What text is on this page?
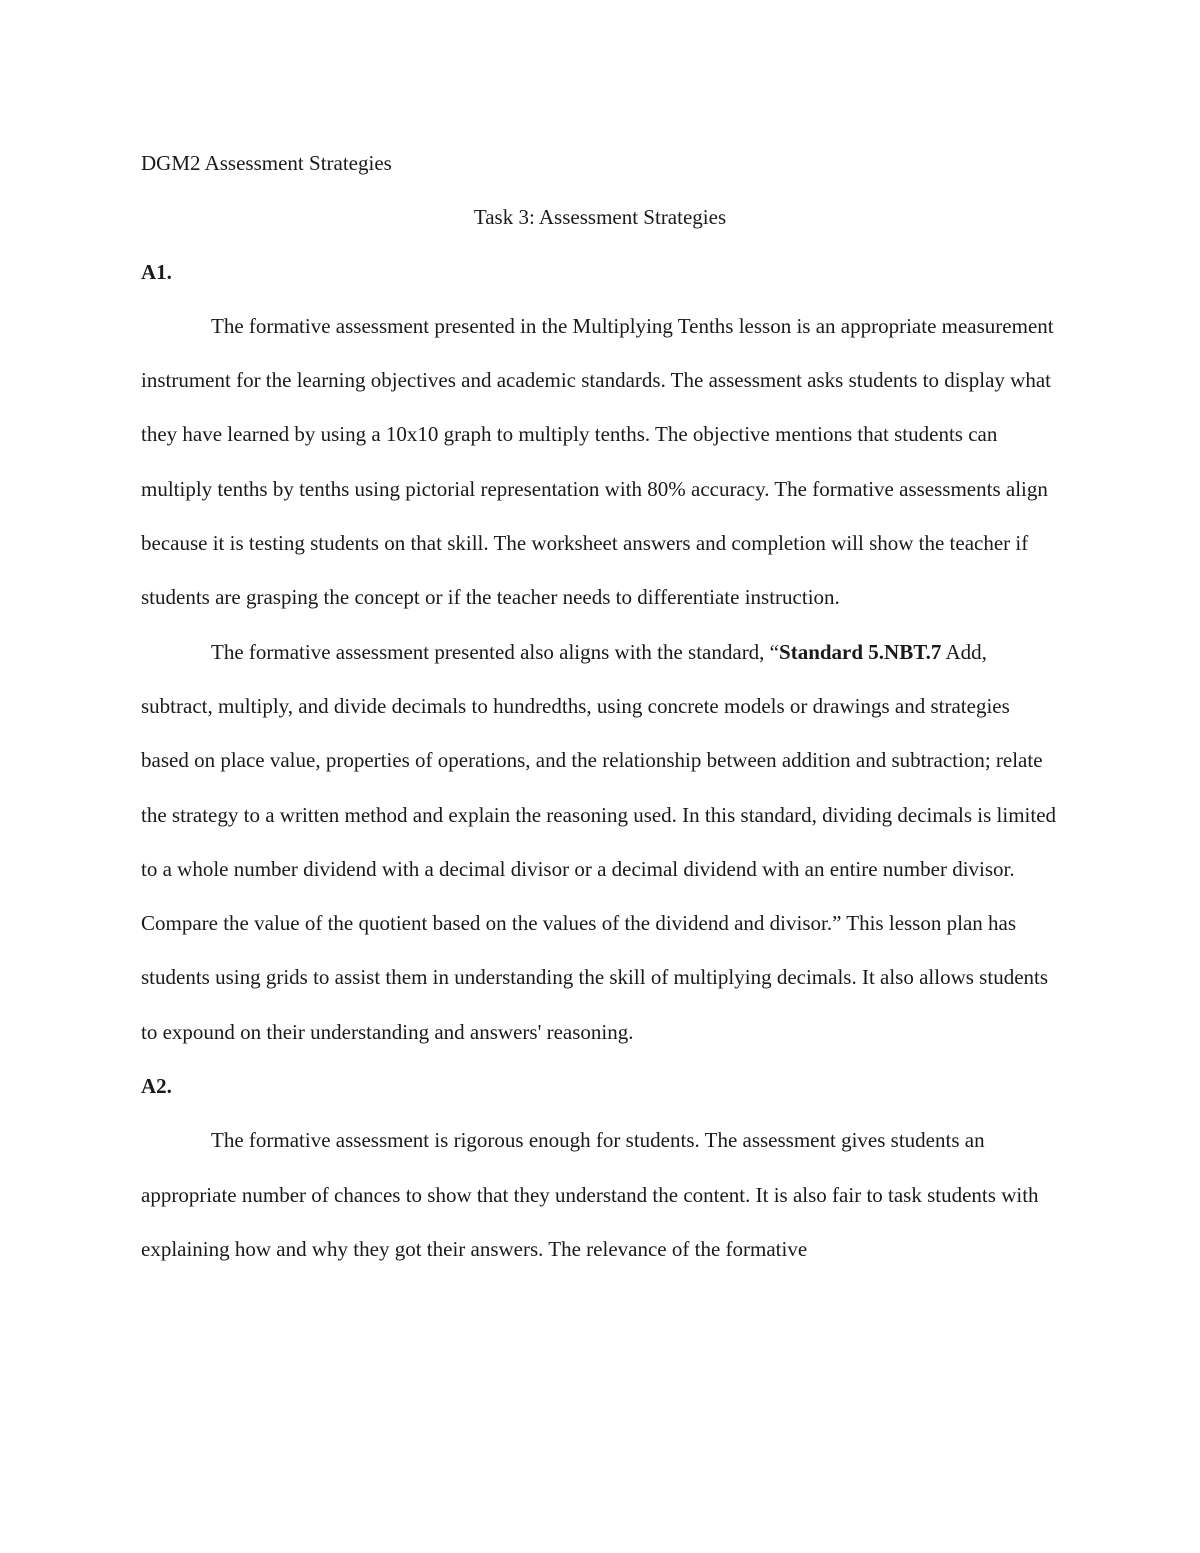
DGM2 Assessment Strategies

Task 3: Assessment Strategies

A1.

The formative assessment presented in the Multiplying Tenths lesson is an appropriate measurement instrument for the learning objectives and academic standards. The assessment asks students to display what they have learned by using a 10x10 graph to multiply tenths. The objective mentions that students can multiply tenths by tenths using pictorial representation with 80% accuracy. The formative assessments align because it is testing students on that skill. The worksheet answers and completion will show the teacher if students are grasping the concept or if the teacher needs to differentiate instruction.

The formative assessment presented also aligns with the standard, “Standard 5.NBT.7 Add, subtract, multiply, and divide decimals to hundredths, using concrete models or drawings and strategies based on place value, properties of operations, and the relationship between addition and subtraction; relate the strategy to a written method and explain the reasoning used. In this standard, dividing decimals is limited to a whole number dividend with a decimal divisor or a decimal dividend with an entire number divisor. Compare the value of the quotient based on the values of the dividend and divisor.” This lesson plan has students using grids to assist them in understanding the skill of multiplying decimals. It also allows students to expound on their understanding and answers' reasoning.

A2.

The formative assessment is rigorous enough for students. The assessment gives students an appropriate number of chances to show that they understand the content. It is also fair to task students with explaining how and why they got their answers. The relevance of the formative
